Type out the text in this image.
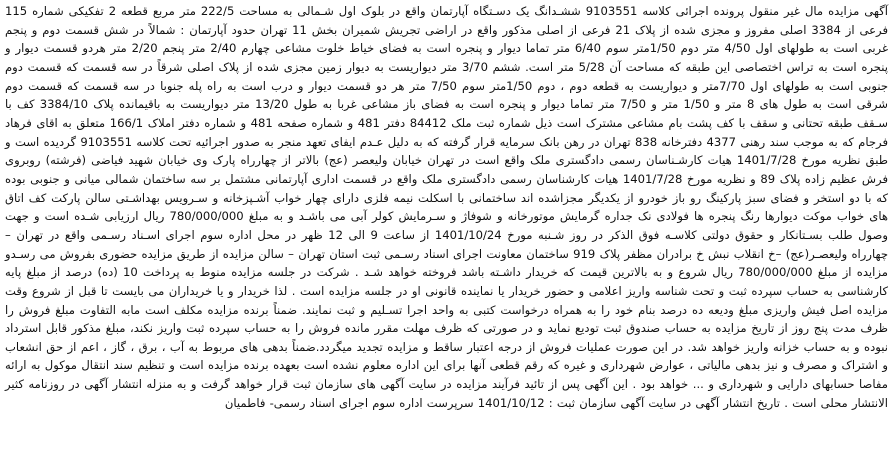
آگهی مزایده مال غیر منقول پرونده اجرائی کلاسه 9103551 ششـدانگ یک دسـتگاه آپارتمان واقع در بلوک اول شـمالی به مساحت 222/5 متر مربع قطعه 2 تفکیکی شماره 115 فرعی از 3384 اصلی مفروز و مجزی شده از پلاک 21 فرعی از اصلی مذکور واقع در اراضی تجریش شمیران بخش 11 تهران حدود آپارتمان : شمالاً در شش قسمت دوم و پنجم غربی است به طولهای اول 4/50 متر دوم 1/50متر سوم 6/40 متر تماما دیوار و پنجره است به فضای خیاط خلوت مشاعی چهارم 2/40 متر پنجم 2/20 متر هردو قسمت دیوار و پنجره است به تراس اختصاصی این طبقه که مساحت آن 5/28 متر است. ششم 3/70 متر دیواریست به دیوار زمین مجزی شده از پلاک اصلی شرقاً در سه قسمت که قسمت دوم جنوبی است به طولهای اول 7/70متر و دیواریست به قطعه دوم ، دوم 1/50متر سوم 7/50 متر هر دو قسمت دیوار و درب است به راه پله جنوبا در سه قسمت که قسمت دوم شرقی است به طول های 8 متر و 1/50 متر و 7/50 متر تماما دیوار و پنجره است به فضای باز مشاعی غربا به طول 13/20 متر دیواریست به باقیمانده پلاک 3384/10 کف با سـقف طبقه تحتانی و سقف با کف پشت بام مشاعی مشترک است ذیل شماره ثبت ملک 84412 دفتر 481 و شماره صفحه 481 و شماره دفتر املاک 166/1 متعلق به اقای فرهاد فرجام که به موجب سند رهنی 4377 دفترخانه 838 تهران در رهن بانک سرمایه قرار گرفته که به دلیل عـدم ایفای تعهد منجر به صدور اجرائیه تحت کلاسه 9103551 گردیده است و طبق نظریه مورخ 1401/7/28 هیات کارشـناسان رسمی دادگستری ملک واقع است در تهران خیابان ولیعصر (عج) بالاتر از چهارراه پارک وی خیابان شهید فیاضی (فرشته) روبروی فرش عظیم زاده پلاک 89 و نظریه مورخ 1401/7/28 هیات کارشناسان رسمی دادگستری ملک واقع در قسمت اداری آپارتمانی مشتمل بر سه ساختمان شمالی میانی و جنوبی بوده که با دو استخر و فضای سبز پارکینگ رو باز خودرو از یکدیگر مجزاشده اند ساختمانی با اسکلت نیمه فلزی دارای چهار خواب آشـپزخانه و سـرویس بهداشـتی سالن پارکت کف اتاق های خواب موکت دیوارها رنگ پنجره ها فولادی نک جداره گرمایش موتورخانه و شوفاژ و سـرمایش کولر آبی می باشـد و به مبلغ 780/000/000 ریال ارزیابی شـده است و جهت وصول طلب بسـتانکار و حقوق دولتی کلاسـه فوق الذکر در روز شـنبه مورخ 1401/10/24 از ساعت 9 الی 12 ظهر در محل اداره سوم اجرای اسـناد رسـمی واقع در تهران – چهارراه ولیعصـر(عج) –خ انقلاب نبش خ برادران مظفر پلاک 919 ساختمان معاونت اجرای اسناد رسـمی ثبت استان تهران – سالن مزایده از طریق مزایده حضوری بفروش می رسـدو مزایده از مبلغ 780/000/000 ریال شروع و به بالاترین قیمت که خریدار داشـته باشد فروخته خواهد شـد . شرکت در جلسه مزایده منوط به پرداخت 10 (ده) درصد از مبلغ پایه کارشناسی به حساب سپرده ثبت و تحت شناسه واریز اعلامی و حضور خریدار یا نماینده قانونی او در جلسه مزایده است . لذا خریدار و یا خریداران می بایست تا قبل از شروع وقت مزایده اصل فیش واریزی مبلغ ودیعه ده درصد بنام خود را به همراه درخواست کتبی به واحد اجرا تسـلیم و ثبت نمایند. ضمناً برنده مزایده مکلف است مابه التفاوت مبلغ فروش را ظرف مدت پنج روز از تاریخ مزایده به حساب صندوق ثبت تودیع نماید و در صورتی که ظرف مهلت مقرر مانده فروش را به حساب سپرده ثبت واریز نکند، مبلغ مذکور قابل استرداد نبوده و به حساب خزانه واریز خواهد شد. در این صورت عملیات فروش از درجه اعتبار ساقط و مزایده تجدید میگردد.ضمناً بدهی های مربوط به آب ، برق ، گاز ، اعم از حق انشعاب و اشتراک و مصرف و نیز بدهی مالیاتی ، عوارض شهرداری و غیره که رقم قطعی آنها برای این اداره معلوم نشده است بعهده برنده مزایده است و تنظیم سند انتقال موکول به ارائه مفاصا حسابهای دارایی و شهرداری و ... خواهد بود . این آگهی پس از تائید فرآیند مزایده در سایت آگهی های سازمان ثبت قرار خواهد گرفت و به منزله انتشار آگهی در روزنامه کثیر الانتشار محلی است . تاریخ انتشار آگهی در سایت آگهی سازمان ثبت : 1401/10/12 سرپرست اداره سوم اجرای اسناد رسمی- فاطمیان
